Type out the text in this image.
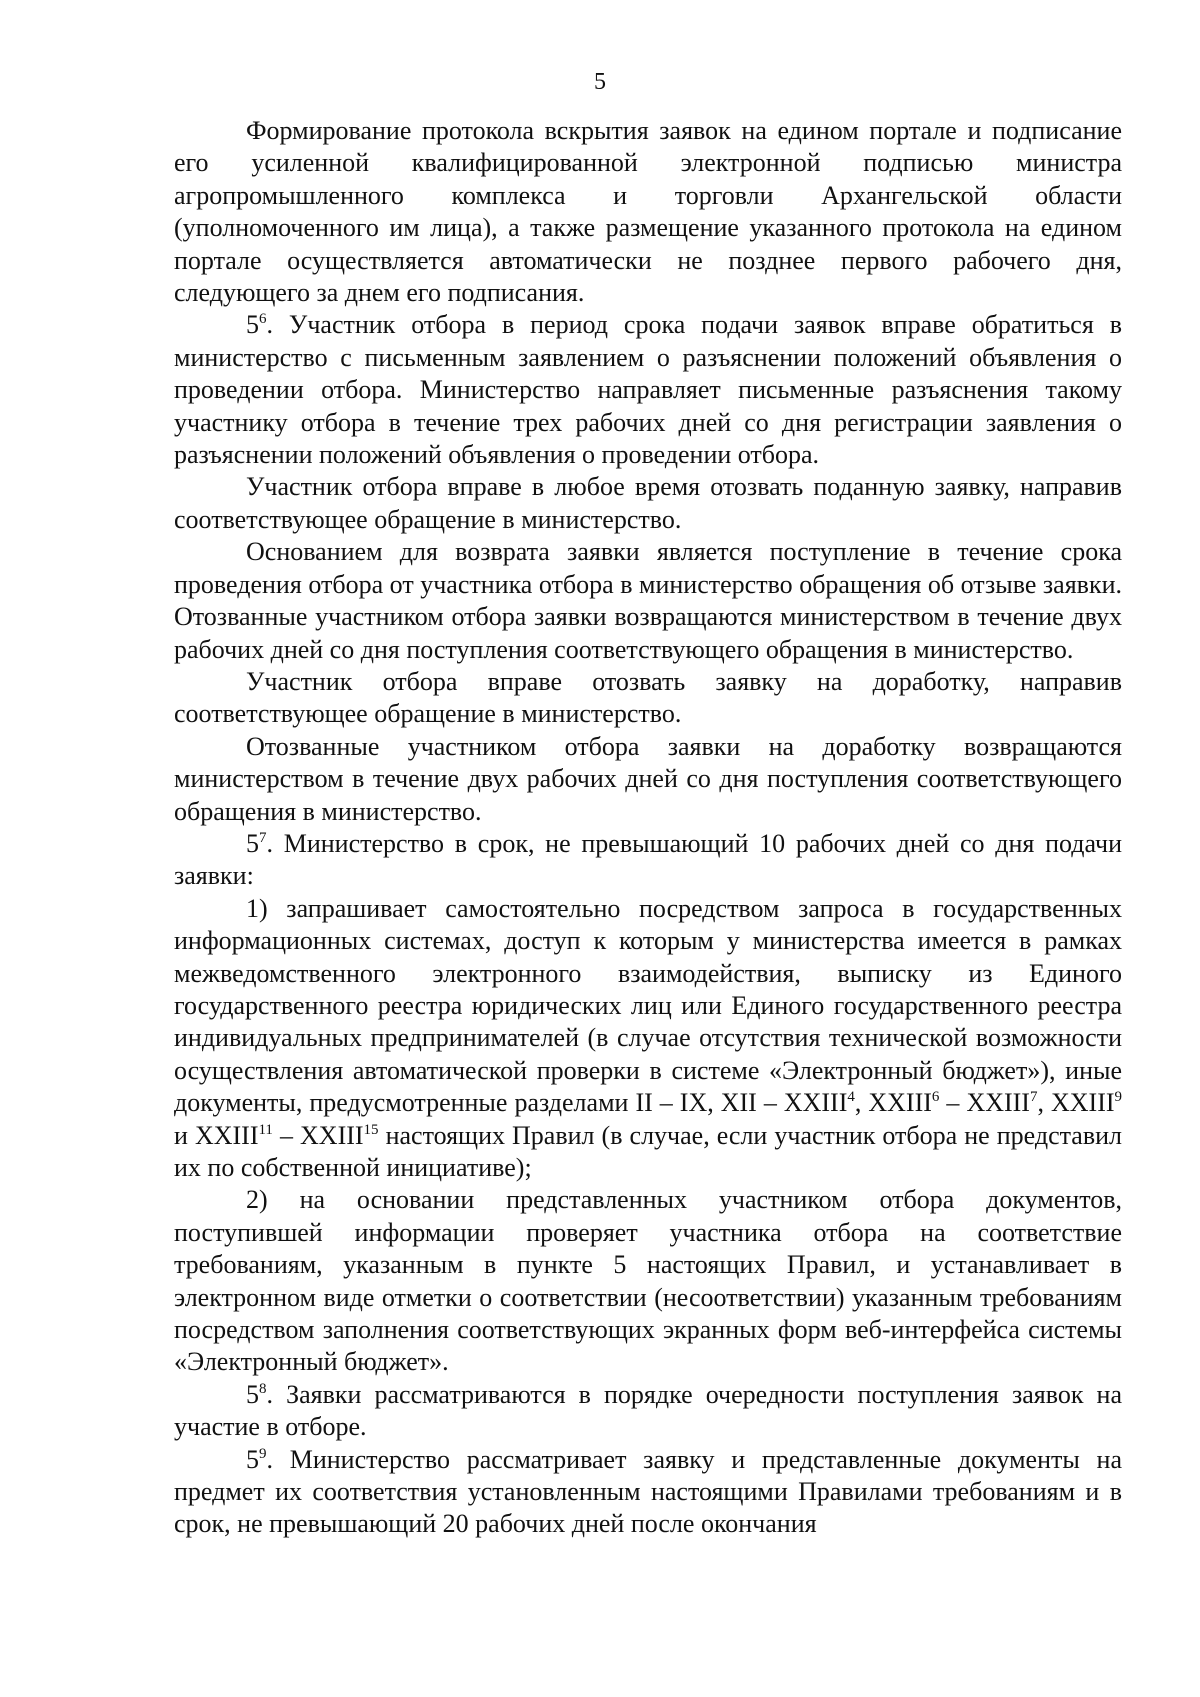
5

Формирование протокола вскрытия заявок на едином портале и подписание его усиленной квалифицированной электронной подписью министра агропромышленного комплекса и торговли Архангельской области (уполномоченного им лица), а также размещение указанного протокола на едином портале осуществляется автоматически не позднее первого рабочего дня, следующего за днем его подписания.

$5^6$. Участник отбора в период срока подачи заявок вправе обратиться в министерство с письменным заявлением о разъяснении положений объявления о проведении отбора. Министерство направляет письменные разъяснения такому участнику отбора в течение трех рабочих дней со дня регистрации заявления о разъяснении положений объявления о проведении отбора.

Участник отбора вправе в любое время отозвать поданную заявку, направив соответствующее обращение в министерство.

Основанием для возврата заявки является поступление в течение срока проведения отбора от участника отбора в министерство обращения об отзыве заявки. Отозванные участником отбора заявки возвращаются министерством в течение двух рабочих дней со дня поступления соответствующего обращения в министерство.

Участник отбора вправе отозвать заявку на доработку, направив соответствующее обращение в министерство.

Отозванные участником отбора заявки на доработку возвращаются министерством в течение двух рабочих дней со дня поступления соответствующего обращения в министерство.

$5^7$. Министерство в срок, не превышающий 10 рабочих дней со дня подачи заявки:

1) запрашивает самостоятельно посредством запроса в государственных информационных системах, доступ к которым у министерства имеется в рамках межведомственного электронного взаимодействия, выписку из Единого государственного реестра юридических лиц или Единого государственного реестра индивидуальных предпринимателей (в случае отсутствия технической возможности осуществления автоматической проверки в системе «Электронный бюджет»), иные документы, предусмотренные разделами II – IX, XII – XXIII$^4$, XXIII$^6$ – XXIII$^7$, XXIII$^9$ и XXIII$^{11}$ – XXIII$^{15}$ настоящих Правил (в случае, если участник отбора не представил их по собственной инициативе);

2) на основании представленных участником отбора документов, поступившей информации проверяет участника отбора на соответствие требованиям, указанным в пункте 5 настоящих Правил, и устанавливает в электронном виде отметки о соответствии (несоответствии) указанным требованиям посредством заполнения соответствующих экранных форм веб-интерфейса системы «Электронный бюджет».

$5^8$. Заявки рассматриваются в порядке очередности поступления заявок на участие в отборе.

$5^9$. Министерство рассматривает заявку и представленные документы на предмет их соответствия установленным настоящими Правилами требованиям и в срок, не превышающий 20 рабочих дней после окончания
